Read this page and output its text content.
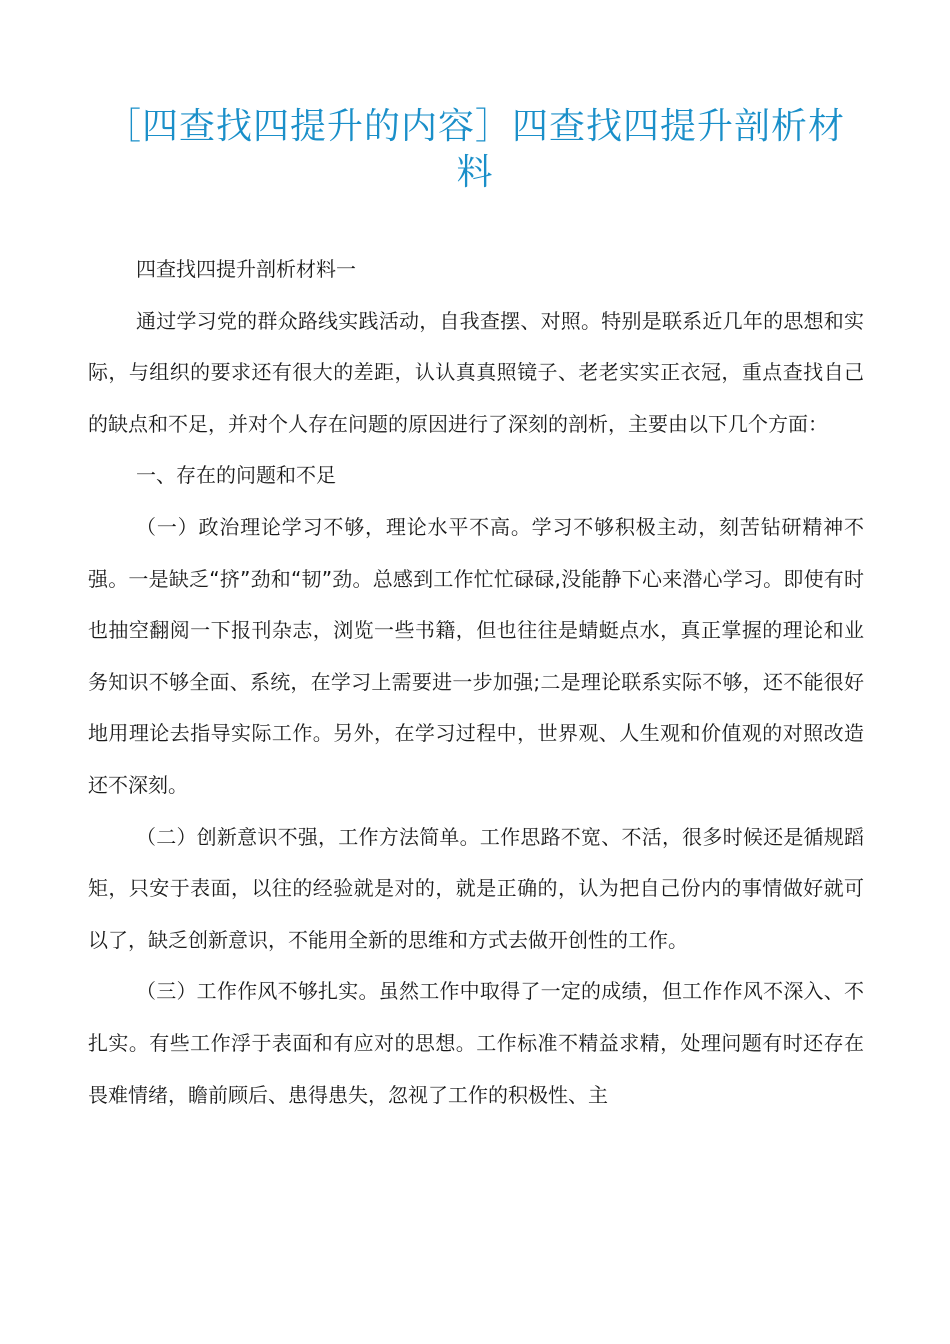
［四查找四提升的内容］四查找四提升剖析材料

四查找四提升剖析材料一

通过学习党的群众路线实践活动，自我查摆、对照。特别是联系近几年的思想和实际，与组织的要求还有很大的差距，认认真真照镜子、老老实实正衣冠，重点查找自己的缺点和不足，并对个人存在问题的原因进行了深刻的剖析，主要由以下几个方面：

一、存在的问题和不足

（一）政治理论学习不够，理论水平不高。学习不够积极主动，刻苦钻研精神不强。一是缺乏“挤”劲和“韧”劲。总感到工作忙忙碌碌,没能静下心来潜心学习。即使有时也抽空翻阅一下报刊杂志，浏览一些书籍，但也往往是蜻蜓点水，真正掌握的理论和业务知识不够全面、系统，在学习上需要进一步加强;二是理论联系实际不够，还不能很好地用理论去指导实际工作。另外，在学习过程中，世界观、人生观和价值观的对照改造还不深刻。

（二）创新意识不强，工作方法简单。工作思路不宽、不活，很多时候还是循规蹈矩，只安于表面，以往的经验就是对的，就是正确的，认为把自己份内的事情做好就可以了，缺乏创新意识，不能用全新的思维和方式去做开创性的工作。

（三）工作作风不够扎实。虽然工作中取得了一定的成绩，但工作作风不深入、不扎实。有些工作浮于表面和有应对的思想。工作标准不精益求精，处理问题有时还存在畏难情绪，瞻前顾后、患得患失，忽视了工作的积极性、主
